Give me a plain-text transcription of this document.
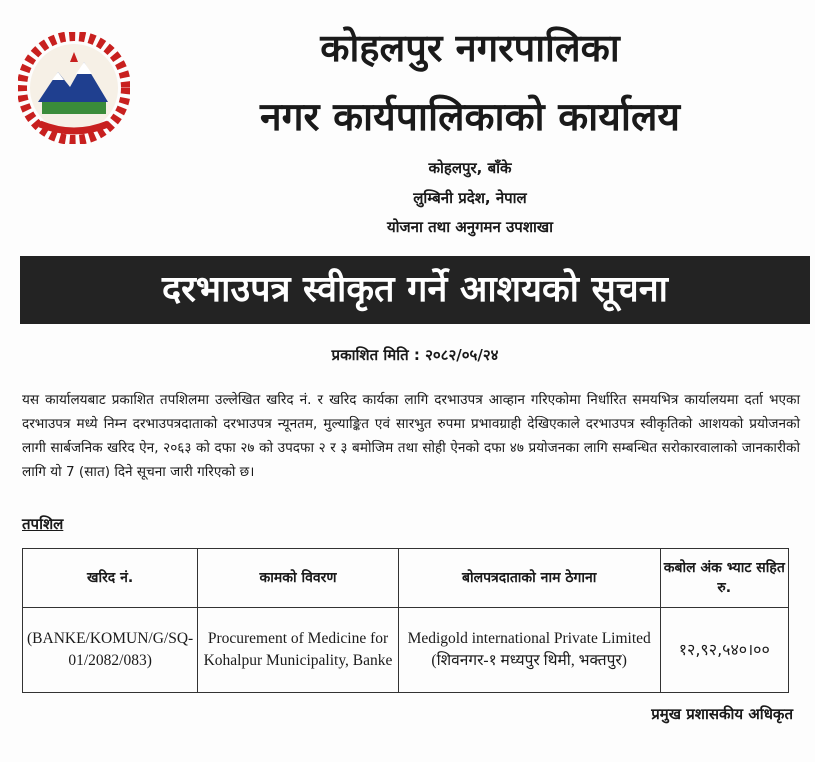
कोहलपुर नगरपालिका
नगर कार्यपालिकाको कार्यालय
कोहलपुर, बाँके
लुम्बिनी प्रदेश, नेपाल
योजना तथा अनुगमन उपशाखा
दरभाउपत्र स्वीकृत गर्ने आशयको सूचना
प्रकाशित मिति : २०८२/०५/२४
यस कार्यालयबाट प्रकाशित तपशिलमा उल्लेखित खरिद नं. र खरिद कार्यका लागि दरभाउपत्र आव्हान गरिएकोमा निर्धारित समयभित्र कार्यालयमा दर्ता भएका दरभाउपत्र मध्ये निम्न दरभाउपत्रदाताको दरभाउपत्र न्यूनतम, मुल्याङ्कित एवं सारभुत रुपमा प्रभावग्राही देखिएकाले दरभाउपत्र स्वीकृतिको आशयको प्रयोजनको लागी सार्बजनिक खरिद ऐन, २०६३ को दफा २७ को उपदफा २ र ३ बमोजिम तथा सोही ऐनको दफा ४७ प्रयोजनका लागि सम्बन्धित सरोकारवालाको जानकारीको लागि यो 7 (सात) दिने सूचना जारी गरिएको छ।
तपशिल
खरिद नं.	कामको विवरण	बोलपत्रदाताको नाम ठेगाना	कबोल अंक भ्याट सहित रु.
(BANKE/KOMUN/G/SQ-01/2082/083)	Procurement of Medicine for Kohalpur Municipality, Banke	Medigold international Private Limited (शिवनगर-१ मध्यपुर थिमी, भक्तपुर)	१२,९२,५४०।००
प्रमुख प्रशासकीय अधिकृत
